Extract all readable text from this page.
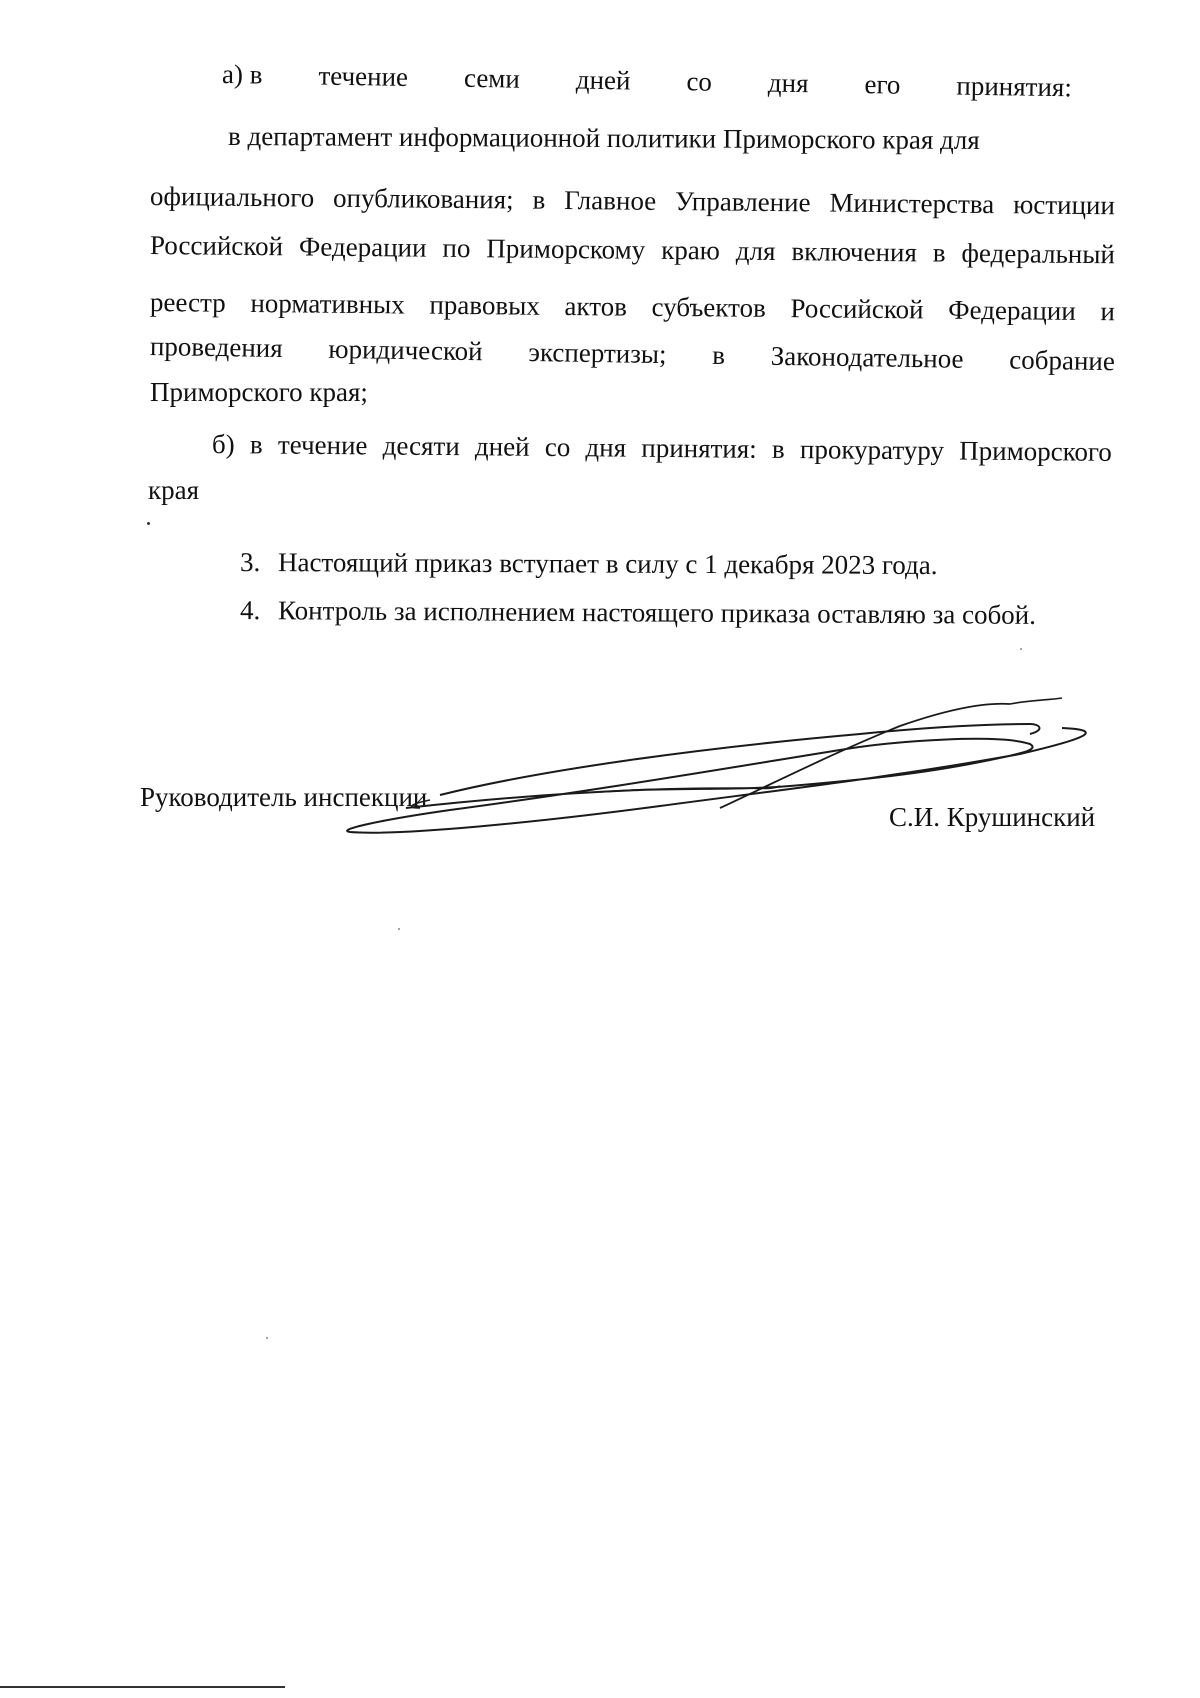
а) в течение семи дней со дня его принятия:
в департамент информационной политики Приморского края для
официального опубликования; в Главное Управление Министерства юстиции
Российской Федерации по Приморскому краю для включения в федеральный
реестр нормативных правовых актов субъектов Российской Федерации и
проведения юридической экспертизы; в Законодательное собрание
Приморского края;
б) в течение десяти дней со дня принятия: в прокуратуру Приморского
края
3. Настоящий приказ вступает в силу с 1 декабря 2023 года.
4. Контроль за исполнением настоящего приказа оставляю за собой.
Руководитель инспекции
С.И. Крушинский
